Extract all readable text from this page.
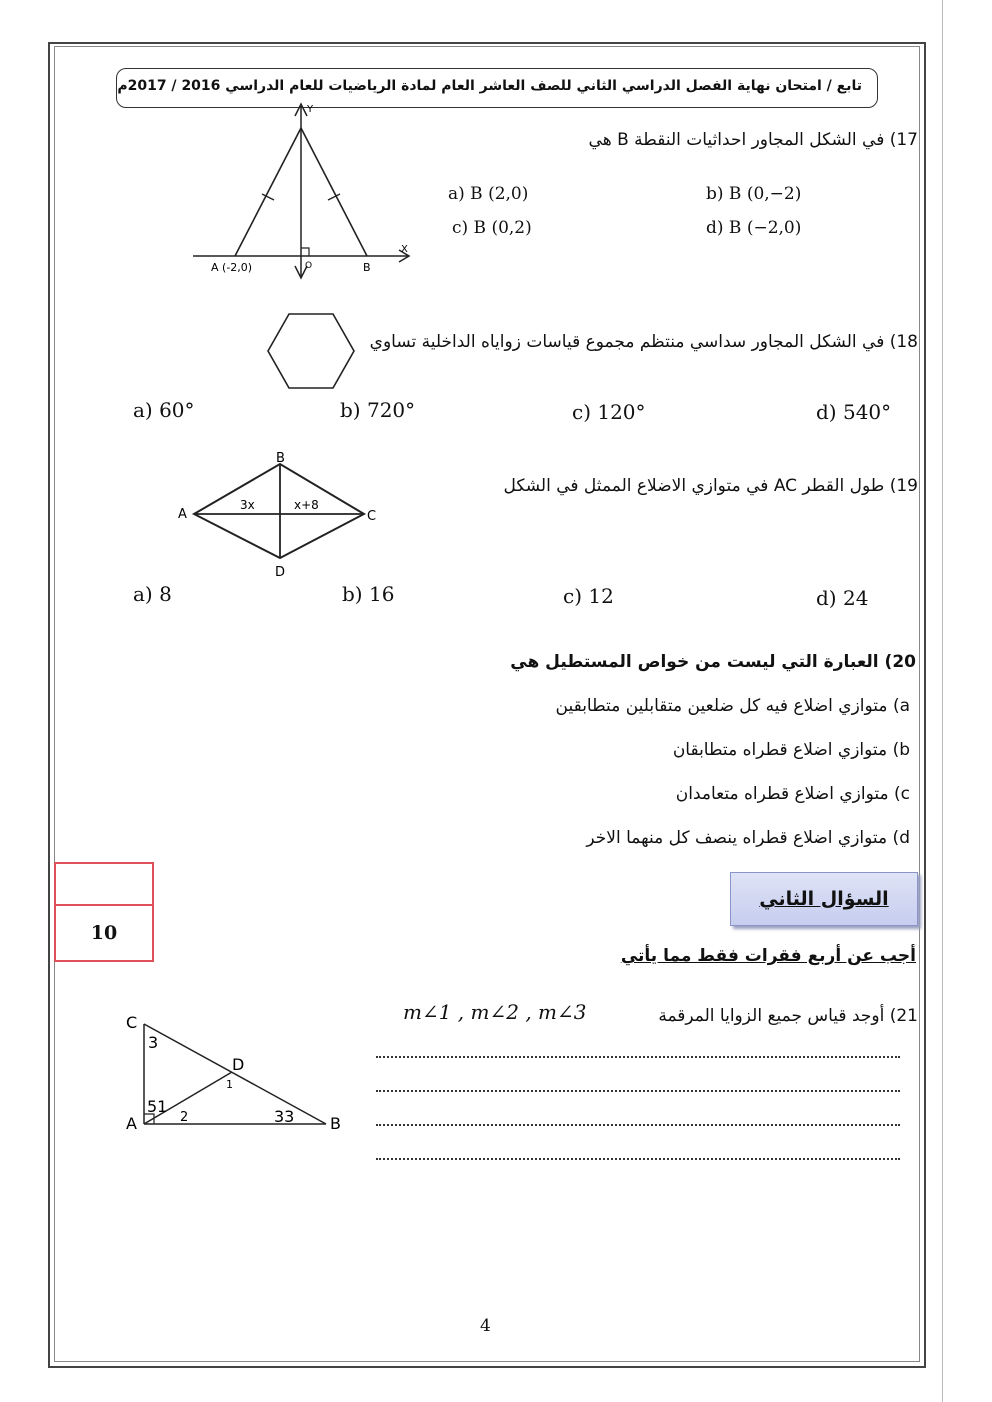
تابع / امتحان نهاية الفصل الدراسي الثاني للصف العاشر العام لمادة الرياضيات للعام الدراسي 2016 / 2017م
17) في الشكل المجاور احداثيات النقطة B هي
a) B (2,0)	b) B (0,−2)
c) B (0,2)	d) B (−2,0)
Y
X
A (-2,0)	O	B
18) في الشكل المجاور سداسي منتظم مجموع قياسات زواياه الداخلية تساوي
a) 60°	b) 720°	c) 120°	d) 540°
19) طول القطر AC في متوازي الاضلاع الممثل في الشكل
B
A	C
D
3x	x+8
a) 8	b) 16	c) 12	d) 24
20) العبارة التي ليست من خواص المستطيل هي
a) متوازي اضلاع فيه كل ضلعين متقابلين متطابقين
b) متوازي اضلاع قطراه متطابقان
c) متوازي اضلاع قطراه متعامدان
d) متوازي اضلاع قطراه ينصف كل منهما الاخر
10
السؤال الثاني
أجب عن أربع فقرات فقط مما يأتي
21) أوجد قياس جميع الزوايا المرقمة
m∠1 , m∠2 , m∠3
C
D
A	B
3
1
51
2	33
4
